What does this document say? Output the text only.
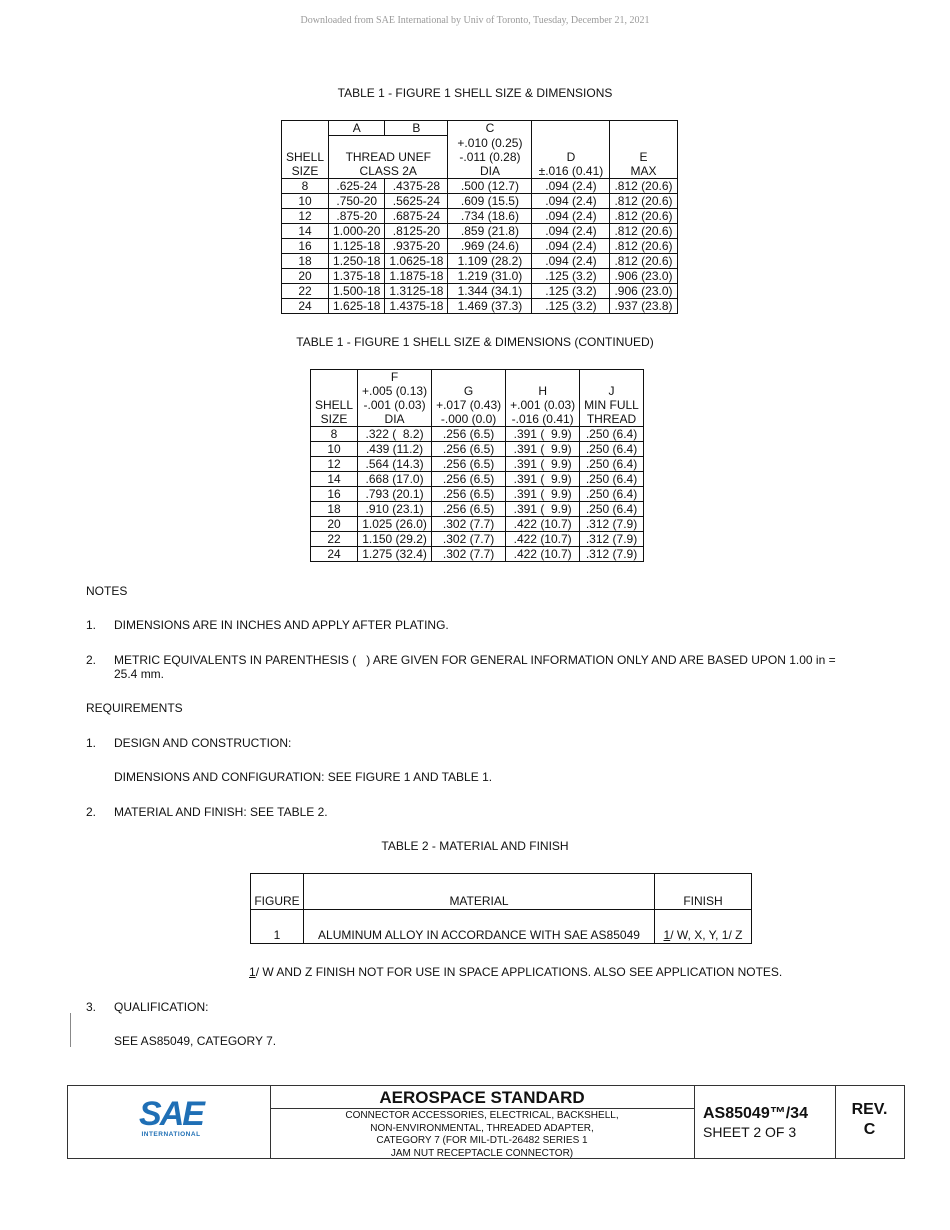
Downloaded from SAE International by Univ of Toronto, Tuesday, December 21, 2021
TABLE 1 - FIGURE 1 SHELL SIZE & DIMENSIONS
	A	B	C		
			+.010 (0.25)		
SHELL	THREAD UNEF		-.011 (0.28)	D	E
SIZE	CLASS 2A		DIA	±.016 (0.41)	MAX
8	.625-24	.4375-28	.500 (12.7)	.094 (2.4)	.812 (20.6)
10	.750-20	.5625-24	.609 (15.5)	.094 (2.4)	.812 (20.6)
12	.875-20	.6875-24	.734 (18.6)	.094 (2.4)	.812 (20.6)
14	1.000-20	.8125-20	.859 (21.8)	.094 (2.4)	.812 (20.6)
16	1.125-18	.9375-20	.969 (24.6)	.094 (2.4)	.812 (20.6)
18	1.250-18	1.0625-18	1.109 (28.2)	.094 (2.4)	.812 (20.6)
20	1.375-18	1.1875-18	1.219 (31.0)	.125 (3.2)	.906 (23.0)
22	1.500-18	1.3125-18	1.344 (34.1)	.125 (3.2)	.906 (23.0)
24	1.625-18	1.4375-18	1.469 (37.3)	.125 (3.2)	.937 (23.8)
TABLE 1 - FIGURE 1 SHELL SIZE & DIMENSIONS (CONTINUED)
	F			
	+.005 (0.13)	G	H	J
SHELL	-.001 (0.03)	+.017 (0.43)	+.001 (0.03)	MIN FULL
SIZE	DIA	-.000 (0.0)	-.016 (0.41)	THREAD
8	.322 (  8.2)	.256 (6.5)	.391 (  9.9)	.250 (6.4)
10	.439 (11.2)	.256 (6.5)	.391 (  9.9)	.250 (6.4)
12	.564 (14.3)	.256 (6.5)	.391 (  9.9)	.250 (6.4)
14	.668 (17.0)	.256 (6.5)	.391 (  9.9)	.250 (6.4)
16	.793 (20.1)	.256 (6.5)	.391 (  9.9)	.250 (6.4)
18	.910 (23.1)	.256 (6.5)	.391 (  9.9)	.250 (6.4)
20	1.025 (26.0)	.302 (7.7)	.422 (10.7)	.312 (7.9)
22	1.150 (29.2)	.302 (7.7)	.422 (10.7)	.312 (7.9)
24	1.275 (32.4)	.302 (7.7)	.422 (10.7)	.312 (7.9)
NOTES
1. DIMENSIONS ARE IN INCHES AND APPLY AFTER PLATING.
2. METRIC EQUIVALENTS IN PARENTHESIS (   ) ARE GIVEN FOR GENERAL INFORMATION ONLY AND ARE BASED UPON 1.00 in =
25.4 mm.
REQUIREMENTS
1. DESIGN AND CONSTRUCTION:
DIMENSIONS AND CONFIGURATION: SEE FIGURE 1 AND TABLE 1.
2. MATERIAL AND FINISH: SEE TABLE 2.
TABLE 2 - MATERIAL AND FINISH
FIGURE	MATERIAL	FINISH
1	ALUMINUM ALLOY IN ACCORDANCE WITH SAE AS85049	1/ W, X, Y, 1/ Z
1/ W AND Z FINISH NOT FOR USE IN SPACE APPLICATIONS. ALSO SEE APPLICATION NOTES.
3. QUALIFICATION:
SEE AS85049, CATEGORY 7.
SAE
INTERNATIONAL
AEROSPACE STANDARD
CONNECTOR ACCESSORIES, ELECTRICAL, BACKSHELL,
NON-ENVIRONMENTAL, THREADED ADAPTER,
CATEGORY 7 (FOR MIL-DTL-26482 SERIES 1
JAM NUT RECEPTACLE CONNECTOR)
AS85049™/34
SHEET 2 OF 3
REV.
C
